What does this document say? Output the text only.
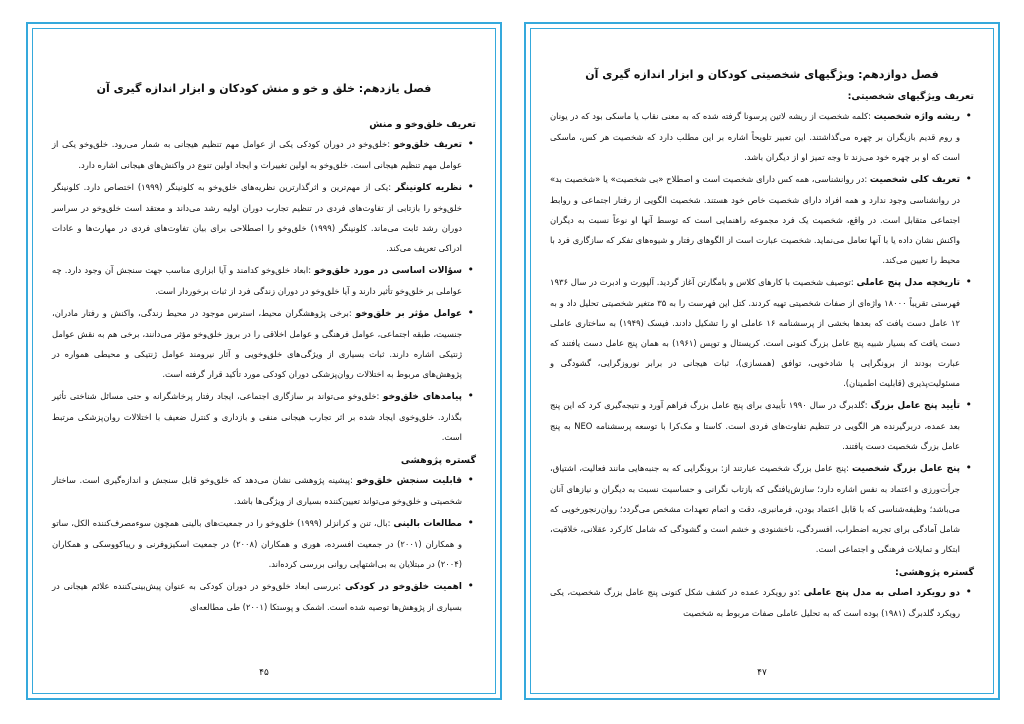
فصل یازدهم: خلق و خو و منش کودکان و ابزار اندازه گیری آن
تعریف خلق‌وخو و منش
• تعریف خلق‌وخو :خلق‌وخو در دوران کودکی یکی از عوامل مهم تنظیم هیجانی به شمار می‌رود. خلق‌وخو یکی از عوامل مهم تنظیم هیجانی است. خلق‌وخو به اولین تغییرات و ایجاد اولین تنوع در واکنش‌های هیجانی اشاره دارد.
• نظریه کلونینگر :یکی از مهم‌ترین و اثرگذارترین نظریه‌های خلق‌وخو به کلونینگر (۱۹۹۹) اختصاص دارد. کلونینگر خلق‌وخو را بازتابی از تفاوت‌های فردی در تنظیم تجارب دوران اولیه رشد می‌داند و معتقد است خلق‌وخو در سراسر دوران رشد ثابت می‌ماند. کلونینگر (۱۹۹۹) خلق‌وخو را اصطلاحی برای بیان تفاوت‌های فردی در مهارت‌ها و عادات ادراکی تعریف می‌کند.
• سؤالات اساسی در مورد خلق‌وخو :ابعاد خلق‌وخو کدامند و آیا ابزاری مناسب جهت سنجش آن وجود دارد. چه عواملی بر خلق‌وخو تأثیر دارند و آیا خلق‌وخو در دوران زندگی فرد از ثبات برخوردار است.
• عوامل مؤثر بر خلق‌وخو :برخی پژوهشگران محیط، استرس موجود در محیط زندگی، واکنش و رفتار مادران، جنسیت، طبقه اجتماعی، عوامل فرهنگی و عوامل اخلاقی را در بروز خلق‌وخو مؤثر می‌دانند، برخی هم به نقش عوامل ژنتیکی اشاره دارند. ثبات بسیاری از ویژگی‌های خلق‌وخویی و آثار نیرومند عوامل ژنتیکی و محیطی همواره در پژوهش‌های مربوط به اختلالات روان‌پزشکی دوران کودکی مورد تأکید قرار گرفته است.
• پیامدهای خلق‌وخو :خلق‌وخو می‌تواند بر سازگاری اجتماعی، ایجاد رفتار پرخاشگرانه و حتی مسائل شناختی تأثیر بگذارد. خلق‌وخوی ایجاد شده بر اثر تجارب هیجانی منفی و بازداری و کنترل ضعیف با اختلالات روان‌پزشکی مرتبط است.
گستره پژوهشی
• قابلیت سنجش خلق‌وخو :پیشینه پژوهشی نشان می‌دهد که خلق‌وخو قابل سنجش و اندازه‌گیری است. ساختار شخصیتی و خلق‌وخو می‌تواند تعیین‌کننده بسیاری از ویژگی‌ها باشد.
• مطالعات بالینی :بال، تنن و کرانزلر (۱۹۹۹) خلق‌وخو را در جمعیت‌های بالینی همچون سوءمصرف‌کننده الکل، ساتو و همکاران (۲۰۰۱) در جمعیت افسرده، هوری و همکاران (۲۰۰۸) در جمعیت اسکیزوفرنی و ریباکووسکی و همکاران (۲۰۰۴) در مبتلایان به بی‌اشتهایی روانی بررسی کرده‌اند.
• اهمیت خلق‌وخو در کودکی :بررسی ابعاد خلق‌وخو در دوران کودکی به عنوان پیش‌بینی‌کننده علائم هیجانی در بسیاری از پژوهش‌ها توصیه شده است. اشمک و پوستکا (۲۰۰۱) طی مطالعه‌ای
۴۵
فصل دوازدهم: ویژگیهای شخصیتی کودکان و ابزار اندازه گیری آن
تعریف ویژگیهای شخصیتی:
• ریشه واژه شخصیت :کلمه شخصیت از ریشه لاتین پرسونا گرفته شده که به معنی نقاب یا ماسکی بود که در یونان و روم قدیم بازیگران بر چهره می‌گذاشتند. این تعبیر تلویحاً اشاره بر این مطلب دارد که شخصیت هر کس، ماسکی است که او بر چهره خود می‌زند تا وجه تمیز او از دیگران باشد.
• تعریف کلی شخصیت :در روانشناسی، همه کس دارای شخصیت است و اصطلاح «بی شخصیت» یا «شخصیت بد» در روانشناسی وجود ندارد و همه افراد دارای شخصیت خاص خود هستند. شخصیت الگویی از رفتار اجتماعی و روابط اجتماعی متقابل است. در واقع، شخصیت یک فرد مجموعه راهنمایی است که توسط آنها او نوعاً نسبت به دیگران واکنش نشان داده یا با آنها تعامل می‌نماید. شخصیت عبارت است از الگوهای رفتار و شیوه‌های تفکر که سازگاری فرد با محیط را تعیین می‌کند.
• تاریخچه مدل پنج عاملی :توصیف شخصیت با کارهای کلاس و بامگارتن آغاز گردید. آلپورت و ادبرت در سال ۱۹۳۶ فهرستی تقریباً ۱۸۰۰۰ واژه‌ای از صفات شخصیتی تهیه کردند. کتل این فهرست را به ۳۵ متغیر شخصیتی تحلیل داد و به ۱۲ عامل دست یافت که بعدها بخشی از پرسشنامه ۱۶ عاملی او را تشکیل دادند. فیسک (۱۹۴۹) به ساختاری عاملی دست یافت که بسیار شبیه پنج عامل بزرگ کنونی است. کریستال و توپس (۱۹۶۱) به همان پنج عامل دست یافتند که عبارت بودند از برونگرایی یا شادخویی، توافق (همسازی)، ثبات هیجانی در برابر نوروزگرایی، گشودگی و مسئولیت‌پذیری (قابلیت اطمینان).
• تأیید پنج عامل بزرگ :گلدبرگ در سال ۱۹۹۰ تأییدی برای پنج عامل بزرگ فراهم آورد و نتیجه‌گیری کرد که این پنج بعد عمده، دربرگیرنده هر الگویی در تنظیم تفاوت‌های فردی است. کاستا و مک‌کرا با توسعه پرسشنامه NEO به پنج عامل بزرگ شخصیت دست یافتند.
• پنج عامل بزرگ شخصیت :پنج عامل بزرگ شخصیت عبارتند از: برونگرایی که به جنبه‌هایی مانند فعالیت، اشتیاق، جرأت‌ورزی و اعتماد به نفس اشاره دارد؛ سازش‌یافتگی که بازتاب نگرانی و حساسیت نسبت به دیگران و نیازهای آنان می‌باشد؛ وظیفه‌شناسی که با قابل اعتماد بودن، فرمانبری، دقت و اتمام تعهدات مشخص می‌گردد؛ روان‌رنجورخویی که شامل آمادگی برای تجربه اضطراب، افسردگی، ناخشنودی و خشم است و گشودگی که شامل کارکرد عقلانی، خلاقیت، ابتکار و تمایلات فرهنگی و اجتماعی است.
گستره پژوهشی:
• دو رویکرد اصلی به مدل پنج عاملی :دو رویکرد عمده در کشف شکل کنونی پنج عامل بزرگ شخصیت، یکی رویکرد گلدبرگ (۱۹۸۱) بوده است که به تحلیل عاملی صفات مربوط به شخصیت
۴۷
